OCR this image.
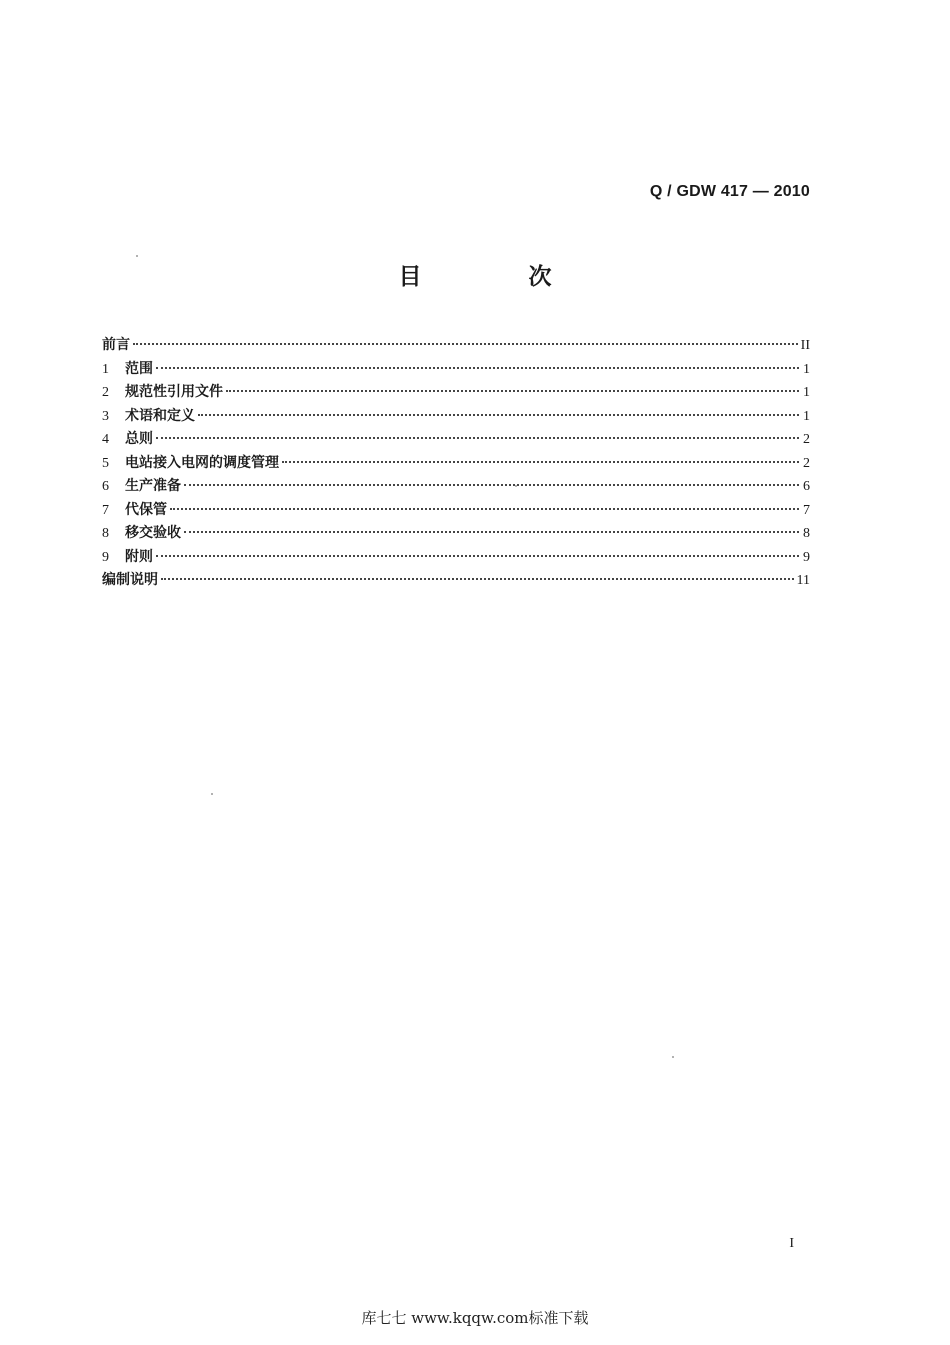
Q / GDW 417 — 2010
目　次
前言	II
1	范围	1
2	规范性引用文件	1
3	术语和定义	1
4	总则	2
5	电站接入电网的调度管理	2
6	生产准备	6
7	代保管	7
8	移交验收	8
9	附则	9
编制说明	11
I
库七七 www.kqqw.com标准下载
